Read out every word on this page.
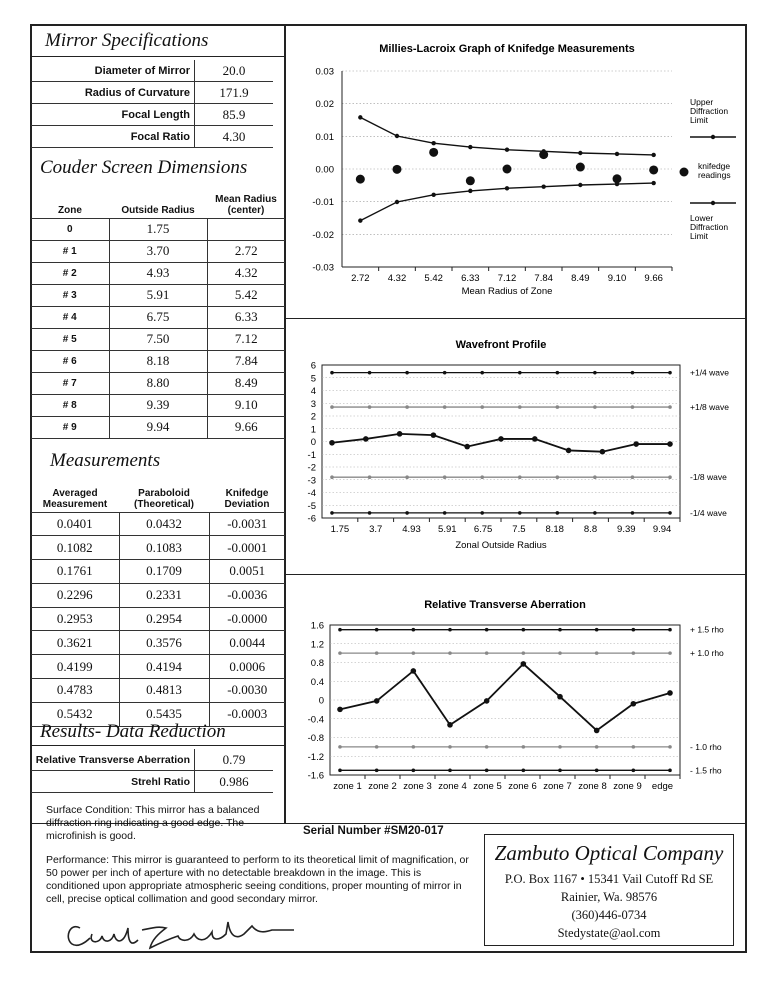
Mirror Specifications
Diameter of Mirror	20.0
Radius of Curvature	171.9
Focal Length	85.9
Focal Ratio	4.30
Couder Screen Dimensions
Zone	Outside Radius	Mean Radius (center)
0	1.75	
# 1	3.70	2.72
# 2	4.93	4.32
# 3	5.91	5.42
# 4	6.75	6.33
# 5	7.50	7.12
# 6	8.18	7.84
# 7	8.80	8.49
# 8	9.39	9.10
# 9	9.94	9.66
Measurements
Averaged Measurement	Paraboloid (Theoretical)	Knifedge Deviation
0.0401	0.0432	-0.0031
0.1082	0.1083	-0.0001
0.1761	0.1709	0.0051
0.2296	0.2331	-0.0036
0.2953	0.2954	-0.0000
0.3621	0.3576	0.0044
0.4199	0.4194	0.0006
0.4783	0.4813	-0.0030
0.5432	0.5435	-0.0003
Results- Data Reduction
Relative Transverse Aberration	0.79
Strehl Ratio	0.986
Millies-Lacroix Graph of Knifedge Measurements
0.03
0.02
0.01
0.00
-0.01
-0.02
-0.03
2.72 4.32 5.42 6.33 7.12 7.84 8.49 9.10 9.66
Mean Radius of Zone
Upper Diffraction Limit
knifedge readings
Lower Diffraction Limit
Wavefront Profile
6
5
4
3
2
1
0
-1
-2
-3
-4
-5
-6
1.75 3.7 4.93 5.91 6.75 7.5 8.18 8.8 9.39 9.94
Zonal Outside Radius
+1/4 wave
+1/8 wave
-1/8 wave
-1/4 wave
Relative Transverse Aberration
1.6
1.2
0.8
0.4
0
-0.4
-0.8
-1.2
-1.6
zone 1 zone 2 zone 3 zone 4 zone 5 zone 6 zone 7 zone 8 zone 9 edge
+ 1.5 rho
+ 1.0 rho
- 1.0 rho
- 1.5 rho
Surface Condition: This mirror has a balanced diffraction ring indicating a good edge. The microfinish is good.
Performance: This mirror is guaranteed to perform to its theoretical limit of magnification, or 50 power per inch of aperture with no detectable breakdown in the image. This is conditioned upon appropriate atmospheric seeing conditions, proper mounting of mirror in cell, precise optical collimation and good secondary mirror.
Serial Number #SM20-017
Zambuto Optical Company
P.O. Box 1167 • 15341 Vail Cutoff Rd SE
Rainier, Wa. 98576
(360)446-0734
Stedystate@aol.com
